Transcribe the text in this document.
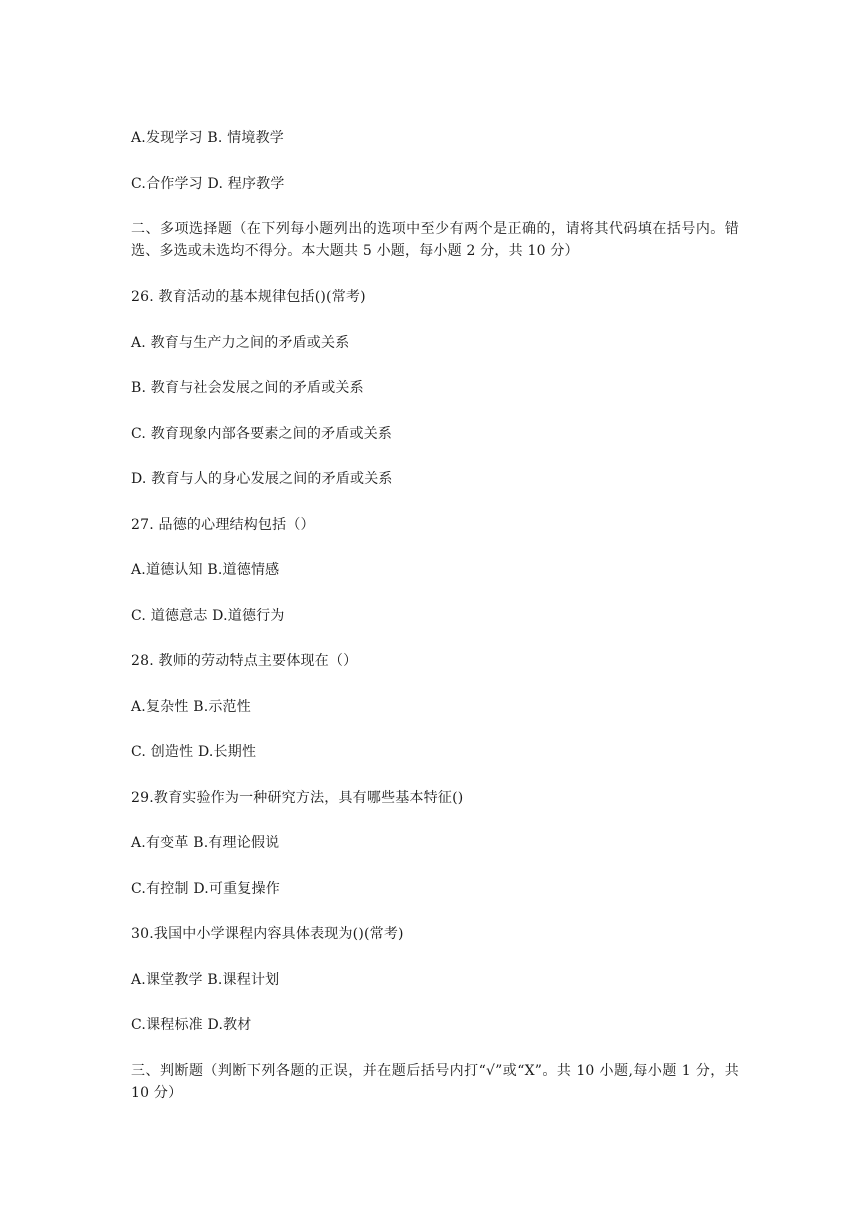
A.发现学习 B. 情境教学
C.合作学习 D. 程序教学
二、多项选择题（在下列每小题列出的选项中至少有两个是正确的，请将其代码填在括号内。错选、多选或未选均不得分。本大题共 5 小题，每小题 2 分，共 10 分）
26. 教育活动的基本规律包括()(常考)
A. 教育与生产力之间的矛盾或关系
B. 教育与社会发展之间的矛盾或关系
C. 教育现象内部各要素之间的矛盾或关系
D. 教育与人的身心发展之间的矛盾或关系
27. 品德的心理结构包括（）
A.道德认知 B.道德情感
C. 道德意志 D.道德行为
28. 教师的劳动特点主要体现在（）
A.复杂性 B.示范性
C. 创造性 D.长期性
29.教育实验作为一种研究方法，具有哪些基本特征()
A.有变革 B.有理论假说
C.有控制 D.可重复操作
30.我国中小学课程内容具体表现为()(常考)
A.课堂教学 B.课程计划
C.课程标准 D.教材
三、判断题（判断下列各题的正误，并在题后括号内打“√”或“X”。共 10 小题,每小题 1 分，共 10 分）
